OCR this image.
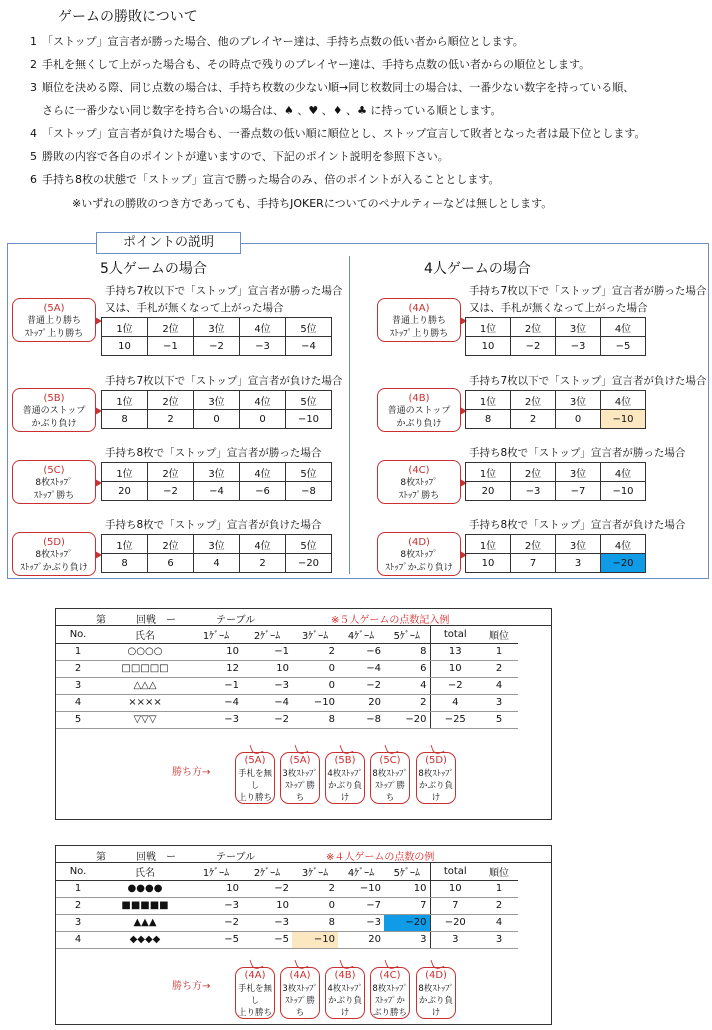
ゲームの勝敗について
1 「ストップ」宣言者が勝った場合、他のプレイヤー達は、手持ち点数の低い者から順位とします。
2 手札を無くして上がった場合も、その時点で残りのプレイヤー達は、手持ち点数の低い者からの順位とします。
3 順位を決める際、同じ点数の場合は、手持ち枚数の少ない順→同じ枚数同士の場合は、一番少ない数字を持っている順、
さらに一番少ない同じ数字を持ち合いの場合は、♠ 、♥ 、♦ 、♣ に持っている順とします。
4 「ストップ」宣言者が負けた場合も、一番点数の低い順に順位とし、ストップ宣言して敗者となった者は最下位とします。
5 勝敗の内容で各自のポイントが違いますので、下記のポイント説明を参照下さい。
6 手持ち8枚の状態で「ストップ」宣言で勝った場合のみ、倍のポイントが入ることとします。
※いずれの勝敗のつき方であっても、手持ちJOKERについてのペナルティーなどは無しとします。
ポイントの説明
5人ゲームの場合	4人ゲームの場合
(5A)
普通上り勝ち
ｽﾄｯﾌﾟ上り勝ち
手持ち7枚以下で「ストップ」宣言者が勝った場合
又は、手札が無くなって上がった場合
1位	2位	3位	4位	5位
10	−1	−2	−3	−4
(5B)
普通のストップ
かぶり負け
手持ち7枚以下で「ストップ」宣言者が負けた場合
1位	2位	3位	4位	5位
8	2	0	0	−10
(5C)
8枚ｽﾄｯﾌﾟ
ｽﾄｯﾌﾟ勝ち
手持ち8枚で「ストップ」宣言者が勝った場合
1位	2位	3位	4位	5位
20	−2	−4	−6	−8
(5D)
8枚ｽﾄｯﾌﾟ
ｽﾄｯﾌﾟかぶり負け
手持ち8枚で「ストップ」宣言者が負けた場合
1位	2位	3位	4位	5位
8	6	4	2	−20
(4A)
普通上り勝ち
ｽﾄｯﾌﾟ上り勝ち
手持ち7枚以下で「ストップ」宣言者が勝った場合
又は、手札が無くなって上がった場合
1位	2位	3位	4位
10	−2	−3	−5
(4B)
普通のストップ
かぶり負け
手持ち7枚以下で「ストップ」宣言者が負けた場合
1位	2位	3位	4位
8	2	0	−10
(4C)
8枚ｽﾄｯﾌﾟ
ｽﾄｯﾌﾟ勝ち
手持ち8枚で「ストップ」宣言者が勝った場合
1位	2位	3位	4位
20	−3	−7	−10
(4D)
8枚ｽﾄｯﾌﾟ
ｽﾄｯﾌﾟかぶり負け
手持ち8枚で「ストップ」宣言者が負けた場合
1位	2位	3位	4位
10	7	3	−20
第	回戦　ー	テーブル	※５人ゲームの点数記入例
No.	氏名	1ｹﾞｰﾑ	2ｹﾞｰﾑ	3ｹﾞｰﾑ	4ｹﾞｰﾑ	5ｹﾞｰﾑ	total	順位
1	○○○○	10	−1	2	−6	8	13	1
2	□□□□□	12	10	0	−4	6	10	2
3	△△△	−1	−3	0	−2	4	−2	4
4	××××	−4	−4	−10	20	2	4	3
5	▽▽▽	−3	−2	8	−8	−20	−25	5
第	回戦　ー	テーブル	※４人ゲームの点数の例
No.	氏名	1ｹﾞｰﾑ	2ｹﾞｰﾑ	3ｹﾞｰﾑ	4ｹﾞｰﾑ	5ｹﾞｰﾑ	total	順位
1	●●●●	10	−2	2	−10	10	10	1
2	■■■■■	−3	10	0	−7	7	7	2
3	▲▲▲	−2	−3	8	−3	−20	−20	4
4	◆◆◆◆	−5	−5	−10	20	3	3	3
勝ち方→
勝ち方→
(5A)
手札を無し
上り勝ち
(5A)
3枚ｽﾄｯﾌﾟ
ｽﾄｯﾌﾟ勝ち
(5B)
4枚ｽﾄｯﾌﾟ
かぶり負け
(5C)
8枚ｽﾄｯﾌﾟ
ｽﾄｯﾌﾟ勝ち
(5D)
8枚ｽﾄｯﾌﾟ
かぶり負け
(4A)
手札を無し
上り勝ち
(4A)
3枚ｽﾄｯﾌﾟ
ｽﾄｯﾌﾟ勝ち
(4B)
4枚ｽﾄｯﾌﾟ
かぶり負け
(4C)
8枚ｽﾄｯﾌﾟ
ｽﾄｯﾌﾟかぶり勝ち
(4D)
8枚ｽﾄｯﾌﾟ
かぶり負け
